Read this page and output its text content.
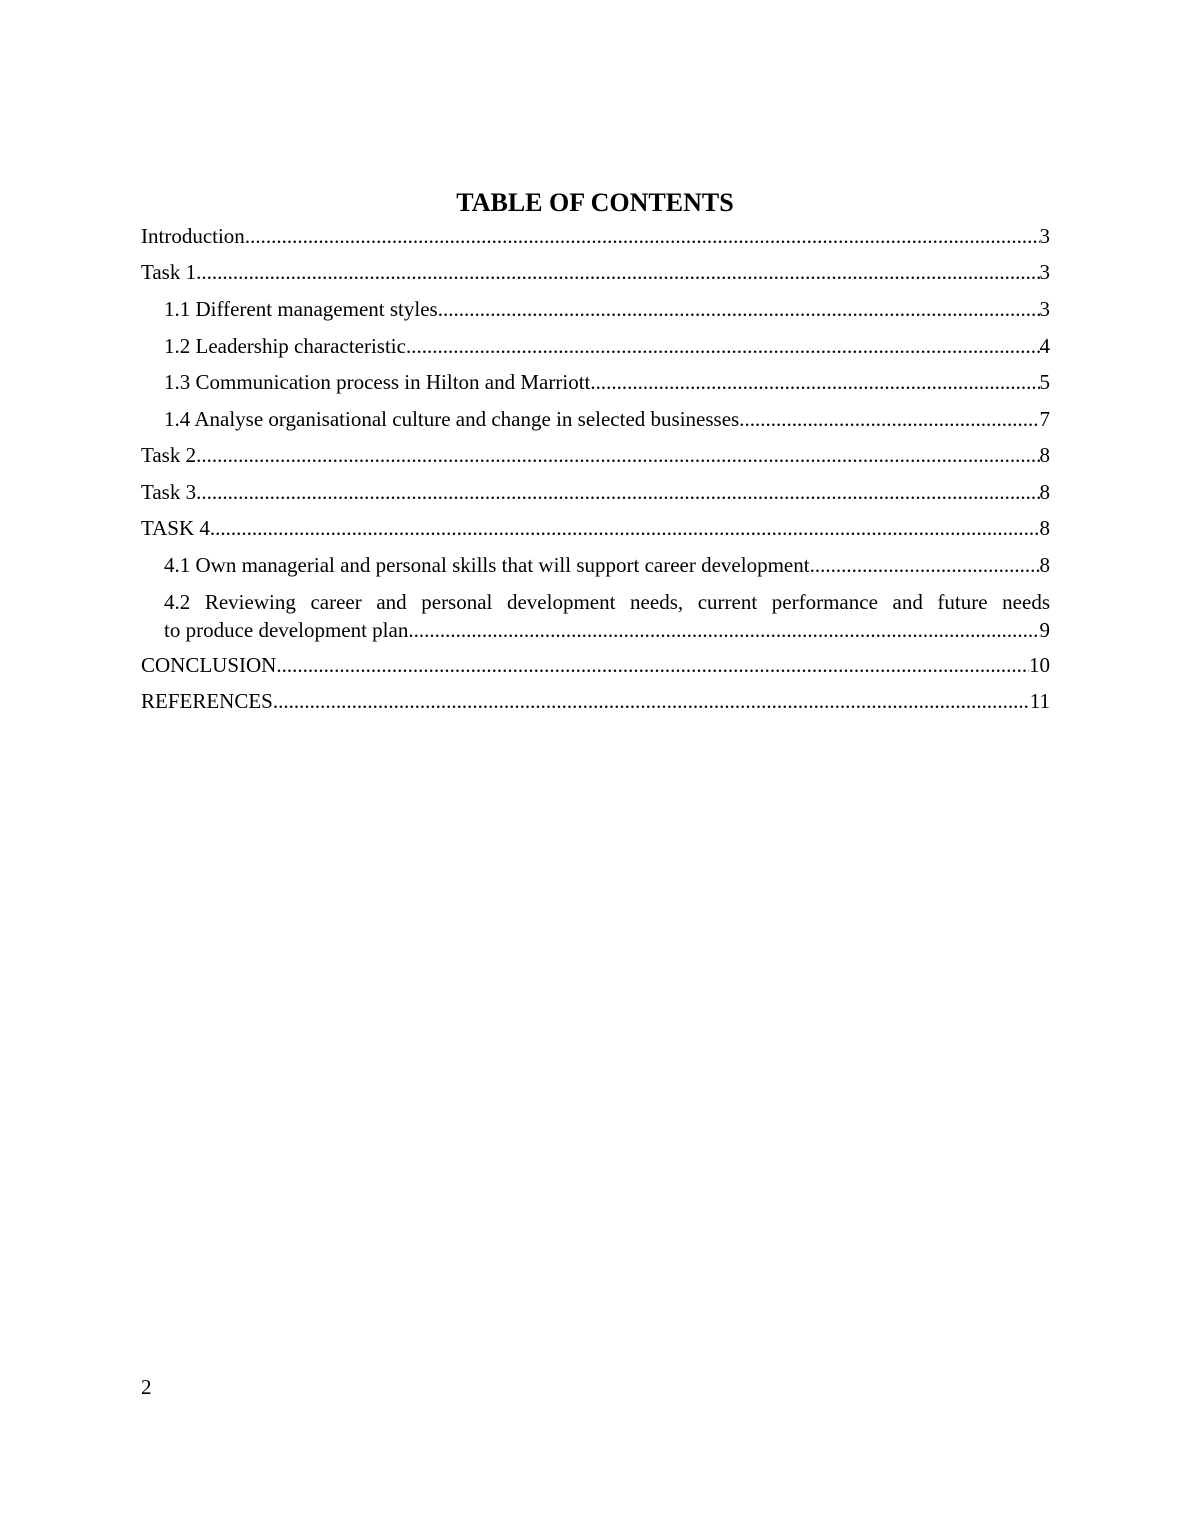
TABLE OF CONTENTS
Introduction .....	3
Task 1 .....	3
1.1 Different management styles .....	3
1.2 Leadership characteristic .....	4
1.3 Communication process in Hilton and Marriott .....	5
1.4 Analyse organisational culture and change in selected businesses .....	7
Task 2 .....	8
Task 3 .....	8
TASK 4 .....	8
4.1 Own managerial and personal skills that will support career development .....	8
4.2 Reviewing career and personal development needs, current performance and future needs
to produce development plan .....	9
CONCLUSION .....	10
REFERENCES .....	11
2
